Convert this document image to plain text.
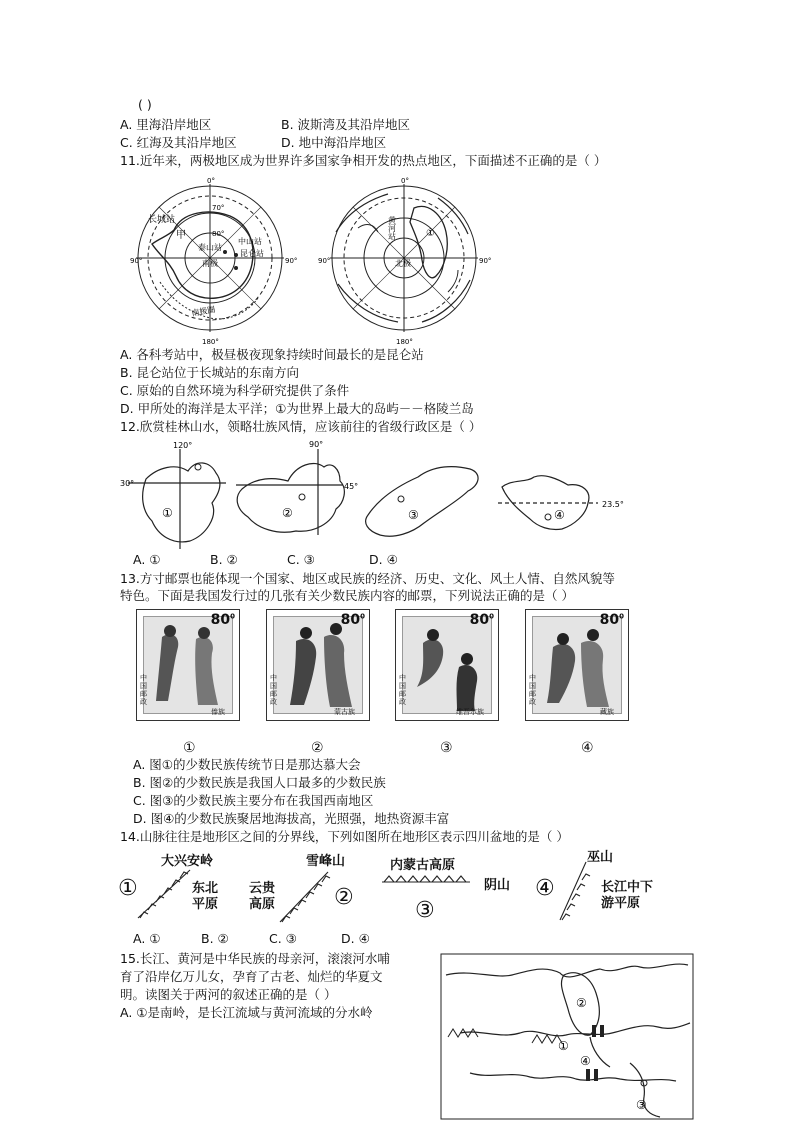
( )
A. 里海沿岸地区	B. 波斯湾及其沿岸地区
C. 红海及其沿岸地区	D. 地中海沿岸地区
11.近年来，两极地区成为世界许多国家争相开发的热点地区，下面描述不正确的是（ ）
0°
90°	90°
180°
70°
80°
长城站
甲
中山站
泰山站
昆仑站
南极
南极圈
0°
90°	90°
180°
黄河站	①
北极
A. 各科考站中，极昼极夜现象持续时间最长的是昆仑站
B. 昆仑站位于长城站的东南方向
C. 原始的自然环境为科学研究提供了条件
D. 甲所处的海洋是太平洋；①为世界上最大的岛屿－－格陵兰岛
12.欣赏桂林山水，领略壮族风情，应该前往的省级行政区是（ ）
120°
30°
90°
45°
23.5°
①	②	③	④
A. ①	B. ②	C. ③	D. ④
13.方寸邮票也能体现一个国家、地区或民族的经济、历史、文化、风土人情、自然风貌等
特色。下面是我国发行过的几张有关少数民族内容的邮票，下列说法正确的是（ ）
$80^0$
中国邮政
傣族
$80^0$
中国邮政
蒙古族
$80^0$
中国邮政
维吾尔族
$80^0$
中国邮政
藏族
①	②	③	④
A. 图①的少数民族传统节日是那达慕大会
B. 图②的少数民族是我国人口最多的少数民族
C. 图③的少数民族主要分布在我国西南地区
D. 图④的少数民族聚居地海拔高，光照强，地热资源丰富
14.山脉往往是地形区之间的分界线，下列如图所在地形区表示四川盆地的是（ ）
大兴安岭
①	东北
平原
雪峰山
云贵
高原	②
内蒙古高原
阴山
③
巫山
④	长江中下
游平原
A. ①	B. ②	C. ③	D. ④
15.长江、黄河是中华民族的母亲河，滚滚河水哺
育了沿岸亿万儿女，孕育了古老、灿烂的华夏文
明。读图关于两河的叙述正确的是（ ）
A. ①是南岭，是长江流域与黄河流域的分水岭
②
①
④
③
